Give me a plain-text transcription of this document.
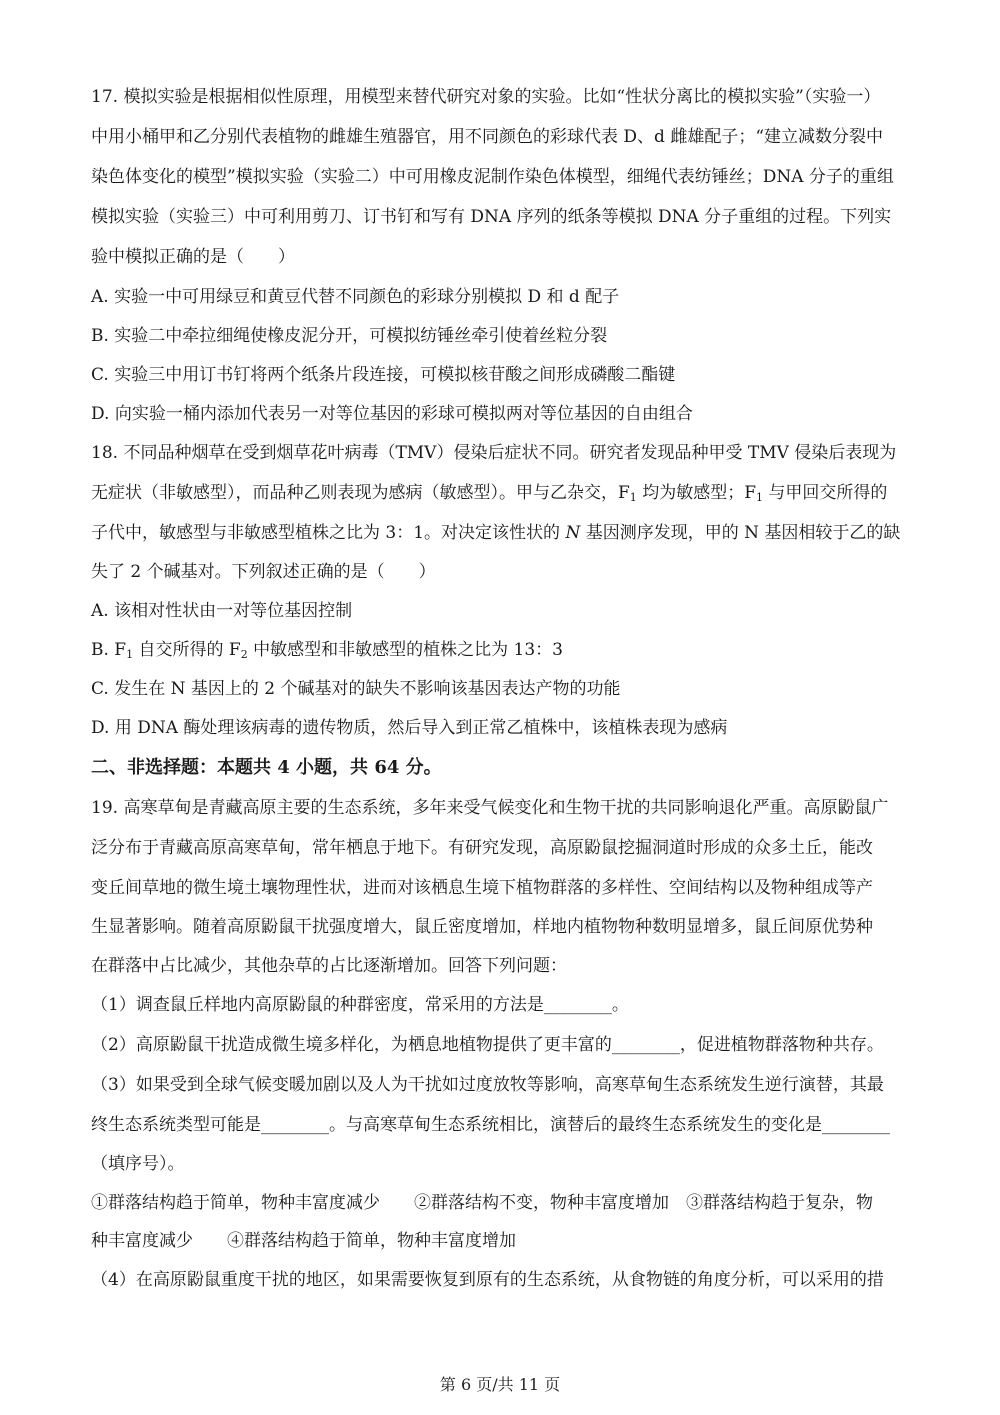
17. 模拟实验是根据相似性原理，用模型来替代研究对象的实验。比如“性状分离比的模拟实验”（实验一）
中用小桶甲和乙分别代表植物的雌雄生殖器官，用不同颜色的彩球代表 D、d 雌雄配子；“建立减数分裂中
染色体变化的模型”模拟实验（实验二）中可用橡皮泥制作染色体模型，细绳代表纺锤丝；DNA 分子的重组
模拟实验（实验三）中可利用剪刀、订书钉和写有 DNA 序列的纸条等模拟 DNA 分子重组的过程。下列实
验中模拟正确的是（　　）
A. 实验一中可用绿豆和黄豆代替不同颜色的彩球分别模拟 D 和 d 配子
B. 实验二中牵拉细绳使橡皮泥分开，可模拟纺锤丝牵引使着丝粒分裂
C. 实验三中用订书钉将两个纸条片段连接，可模拟核苷酸之间形成磷酸二酯键
D. 向实验一桶内添加代表另一对等位基因的彩球可模拟两对等位基因的自由组合
18. 不同品种烟草在受到烟草花叶病毒（TMV）侵染后症状不同。研究者发现品种甲受 TMV 侵染后表现为
无症状（非敏感型），而品种乙则表现为感病（敏感型）。甲与乙杂交，$F_1$ 均为敏感型；$F_1$ 与甲回交所得的
子代中，敏感型与非敏感型植株之比为 3：1。对决定该性状的 N 基因测序发现，甲的 N 基因相较于乙的缺
失了 2 个碱基对。下列叙述正确的是（　　）
A. 该相对性状由一对等位基因控制
B. $F_1$ 自交所得的 $F_2$ 中敏感型和非敏感型的植株之比为 13：3
C. 发生在 N 基因上的 2 个碱基对的缺失不影响该基因表达产物的功能
D. 用 DNA 酶处理该病毒的遗传物质，然后导入到正常乙植株中，该植株表现为感病
二、非选择题：本题共 4 小题，共 64 分。
19. 高寒草甸是青藏高原主要的生态系统，多年来受气候变化和生物干扰的共同影响退化严重。高原鼢鼠广
泛分布于青藏高原高寒草甸，常年栖息于地下。有研究发现，高原鼢鼠挖掘洞道时形成的众多土丘，能改
变丘间草地的微生境土壤物理性状，进而对该栖息生境下植物群落的多样性、空间结构以及物种组成等产
生显著影响。随着高原鼢鼠干扰强度增大，鼠丘密度增加，样地内植物物种数明显增多，鼠丘间原优势种
在群落中占比减少，其他杂草的占比逐渐增加。回答下列问题：
（1）调查鼠丘样地内高原鼢鼠的种群密度，常采用的方法是________。
（2）高原鼢鼠干扰造成微生境多样化，为栖息地植物提供了更丰富的________，促进植物群落物种共存。
（3）如果受到全球气候变暖加剧以及人为干扰如过度放牧等影响，高寒草甸生态系统发生逆行演替，其最
终生态系统类型可能是________。与高寒草甸生态系统相比，演替后的最终生态系统发生的变化是________
（填序号）。
①群落结构趋于简单，物种丰富度减少　　②群落结构不变，物种丰富度增加　③群落结构趋于复杂，物
种丰富度减少　　④群落结构趋于简单，物种丰富度增加
（4）在高原鼢鼠重度干扰的地区，如果需要恢复到原有的生态系统，从食物链的角度分析，可以采用的措
第 6 页/共 11 页
